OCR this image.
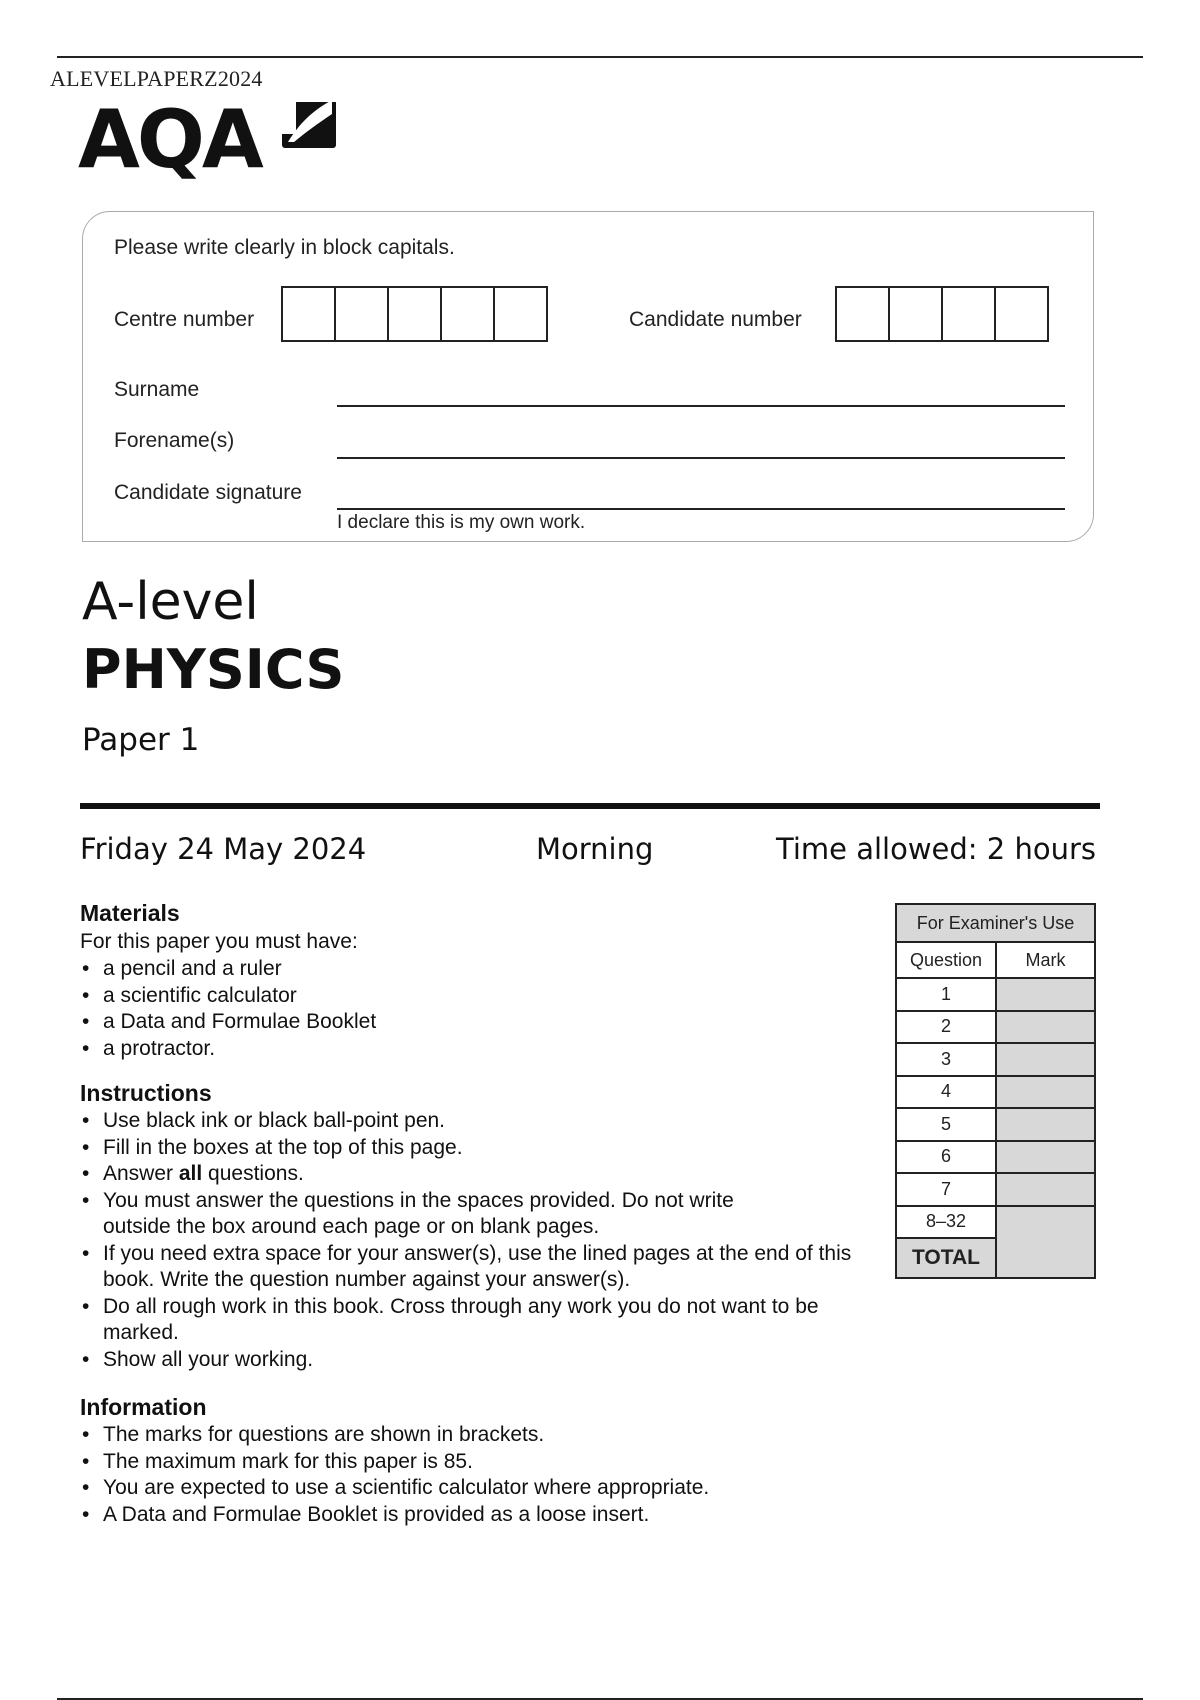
ALEVELPAPERZ2024
AQA
Please write clearly in block capitals.
Centre number	Candidate number
Surname
Forename(s)
Candidate signature
I declare this is my own work.
A-level
PHYSICS
Paper 1
Friday 24 May 2024	Morning	Time allowed: 2 hours
Materials

For this paper you must have:

• a pencil and a ruler
• a scientific calculator
• a Data and Formulae Booklet
• a protractor.
Instructions
• Use black ink or black ball-point pen.
• Fill in the boxes at the top of this page.
• Answer all questions.
• You must answer the questions in the spaces provided. Do not write outside the box around each page or on blank pages.
• If you need extra space for your answer(s), use the lined pages at the end of this book. Write the question number against your answer(s).
• Do all rough work in this book. Cross through any work you do not want to be marked.
• Show all your working.
Information
• The marks for questions are shown in brackets.
• The maximum mark for this paper is 85.
• You are expected to use a scientific calculator where appropriate.
• A Data and Formulae Booklet is provided as a loose insert.
For Examiner's Use	
Question	Mark
1	
2	
3	
4	
5	
6	
7	
8–32	
TOTAL	
